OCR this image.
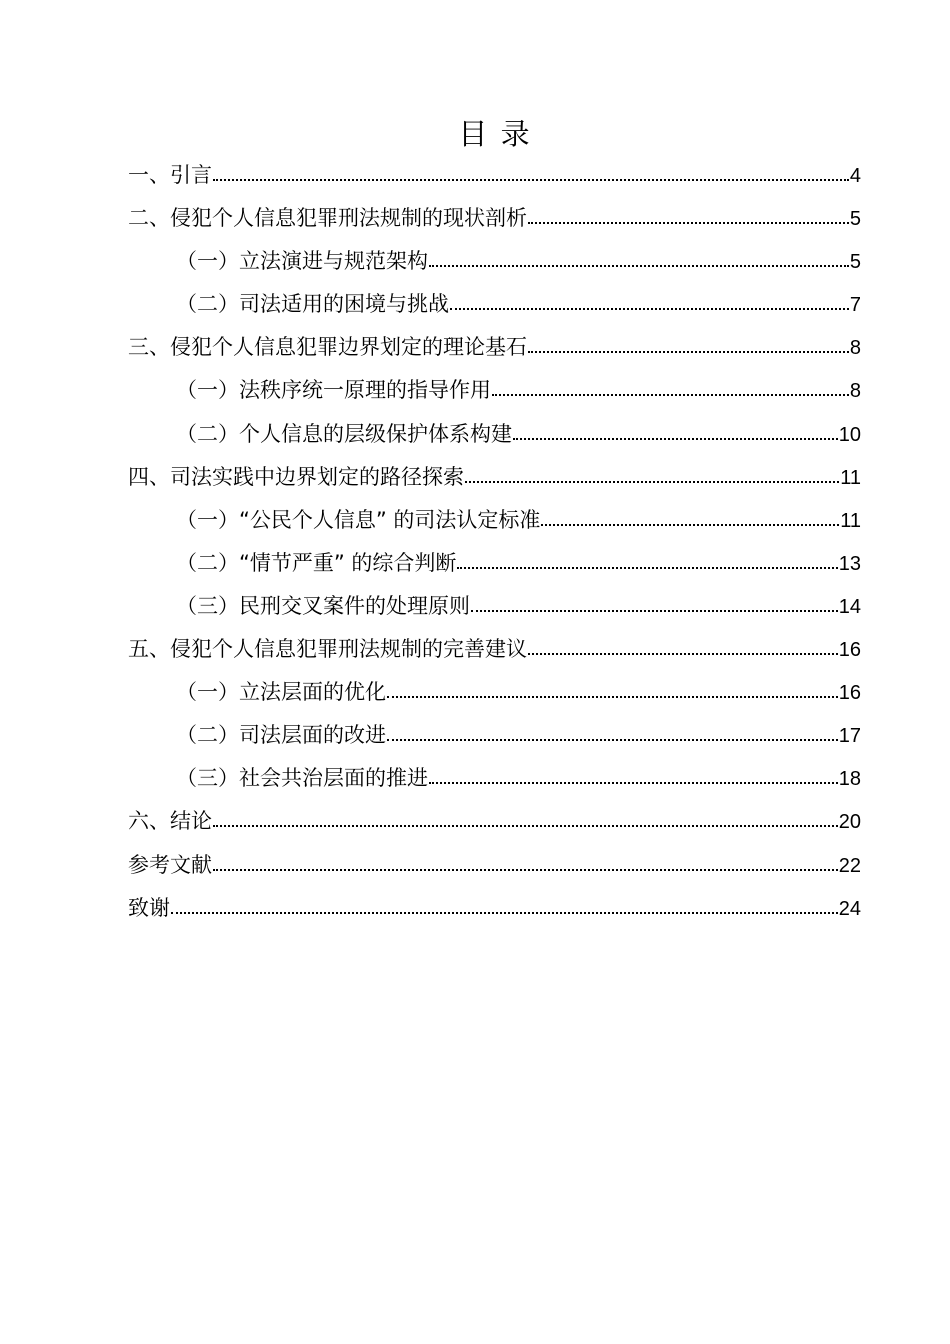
目 录
一、引言	4
二、侵犯个人信息犯罪刑法规制的现状剖析	5
（一）立法演进与规范架构	5
（二）司法适用的困境与挑战	7
三、侵犯个人信息犯罪边界划定的理论基石	8
（一）法秩序统一原理的指导作用	8
（二）个人信息的层级保护体系构建	10
四、司法实践中边界划定的路径探索	11
（一）“公民个人信息” 的司法认定标准	11
（二）“情节严重” 的综合判断	13
（三）民刑交叉案件的处理原则	14
五、侵犯个人信息犯罪刑法规制的完善建议	16
（一）立法层面的优化	16
（二）司法层面的改进	17
（三）社会共治层面的推进	18
六、结论	20
参考文献	22
致谢	24
